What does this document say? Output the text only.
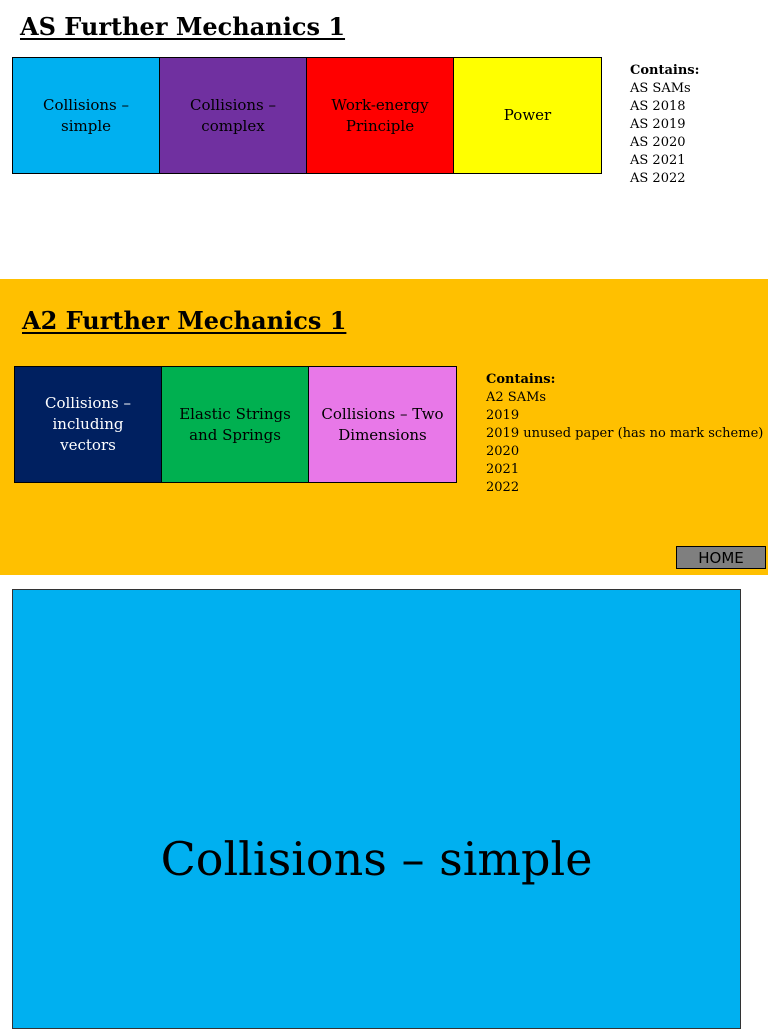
AS Further Mechanics 1
Collisions – simple
Collisions – complex
Work-energy Principle
Power
Contains:
AS SAMs
AS 2018
AS 2019
AS 2020
AS 2021
AS 2022
A2 Further Mechanics 1
Collisions – including vectors
Elastic Strings and Springs
Collisions – Two Dimensions
Contains:
A2 SAMs
2019
2019 unused paper (has no mark scheme)
2020
2021
2022
HOME
Collisions – simple
